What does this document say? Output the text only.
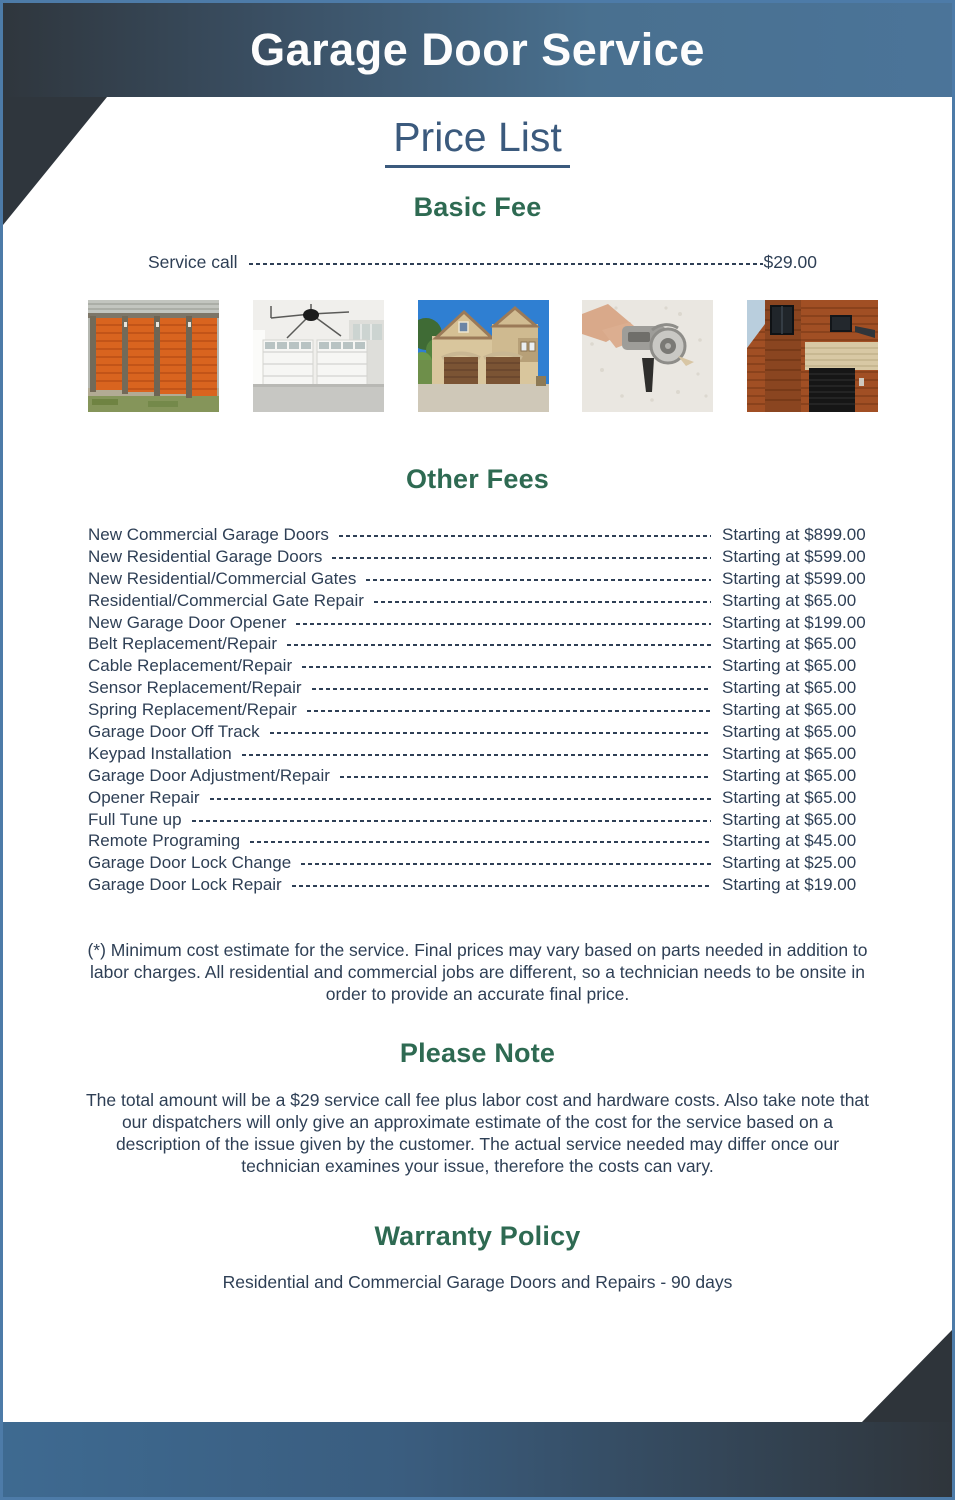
Garage Door Service
Price List
Basic Fee
Service call	$29.00
Other Fees
New Commercial Garage Doors	Starting at $899.00
New Residential Garage Doors	Starting at $599.00
New Residential/Commercial Gates	Starting at $599.00
Residential/Commercial Gate Repair	Starting at $65.00
New Garage Door Opener	Starting at $199.00
Belt Replacement/Repair	Starting at $65.00
Cable Replacement/Repair	Starting at $65.00
Sensor Replacement/Repair	Starting at $65.00
Spring Replacement/Repair	Starting at $65.00
Garage Door Off Track	Starting at $65.00
Keypad Installation	Starting at $65.00
Garage Door Adjustment/Repair	Starting at $65.00
Opener Repair	Starting at $65.00
Full Tune up	Starting at $65.00
Remote Programing	Starting at $45.00
Garage Door Lock Change	Starting at $25.00
Garage Door Lock Repair	Starting at $19.00

(*) Minimum cost estimate for the service. Final prices may vary based on parts needed in addition to labor charges. All residential and commercial jobs are different, so a technician needs to be onsite in order to provide an accurate final price.

Please Note

The total amount will be a $29 service call fee plus labor cost and hardware costs. Also take note that our dispatchers will only give an approximate estimate of the cost for the service based on a description of the issue given by the customer. The actual service needed may differ once our technician examines your issue, therefore the costs can vary.

Warranty Policy

Residential and Commercial Garage Doors and Repairs - 90 days
